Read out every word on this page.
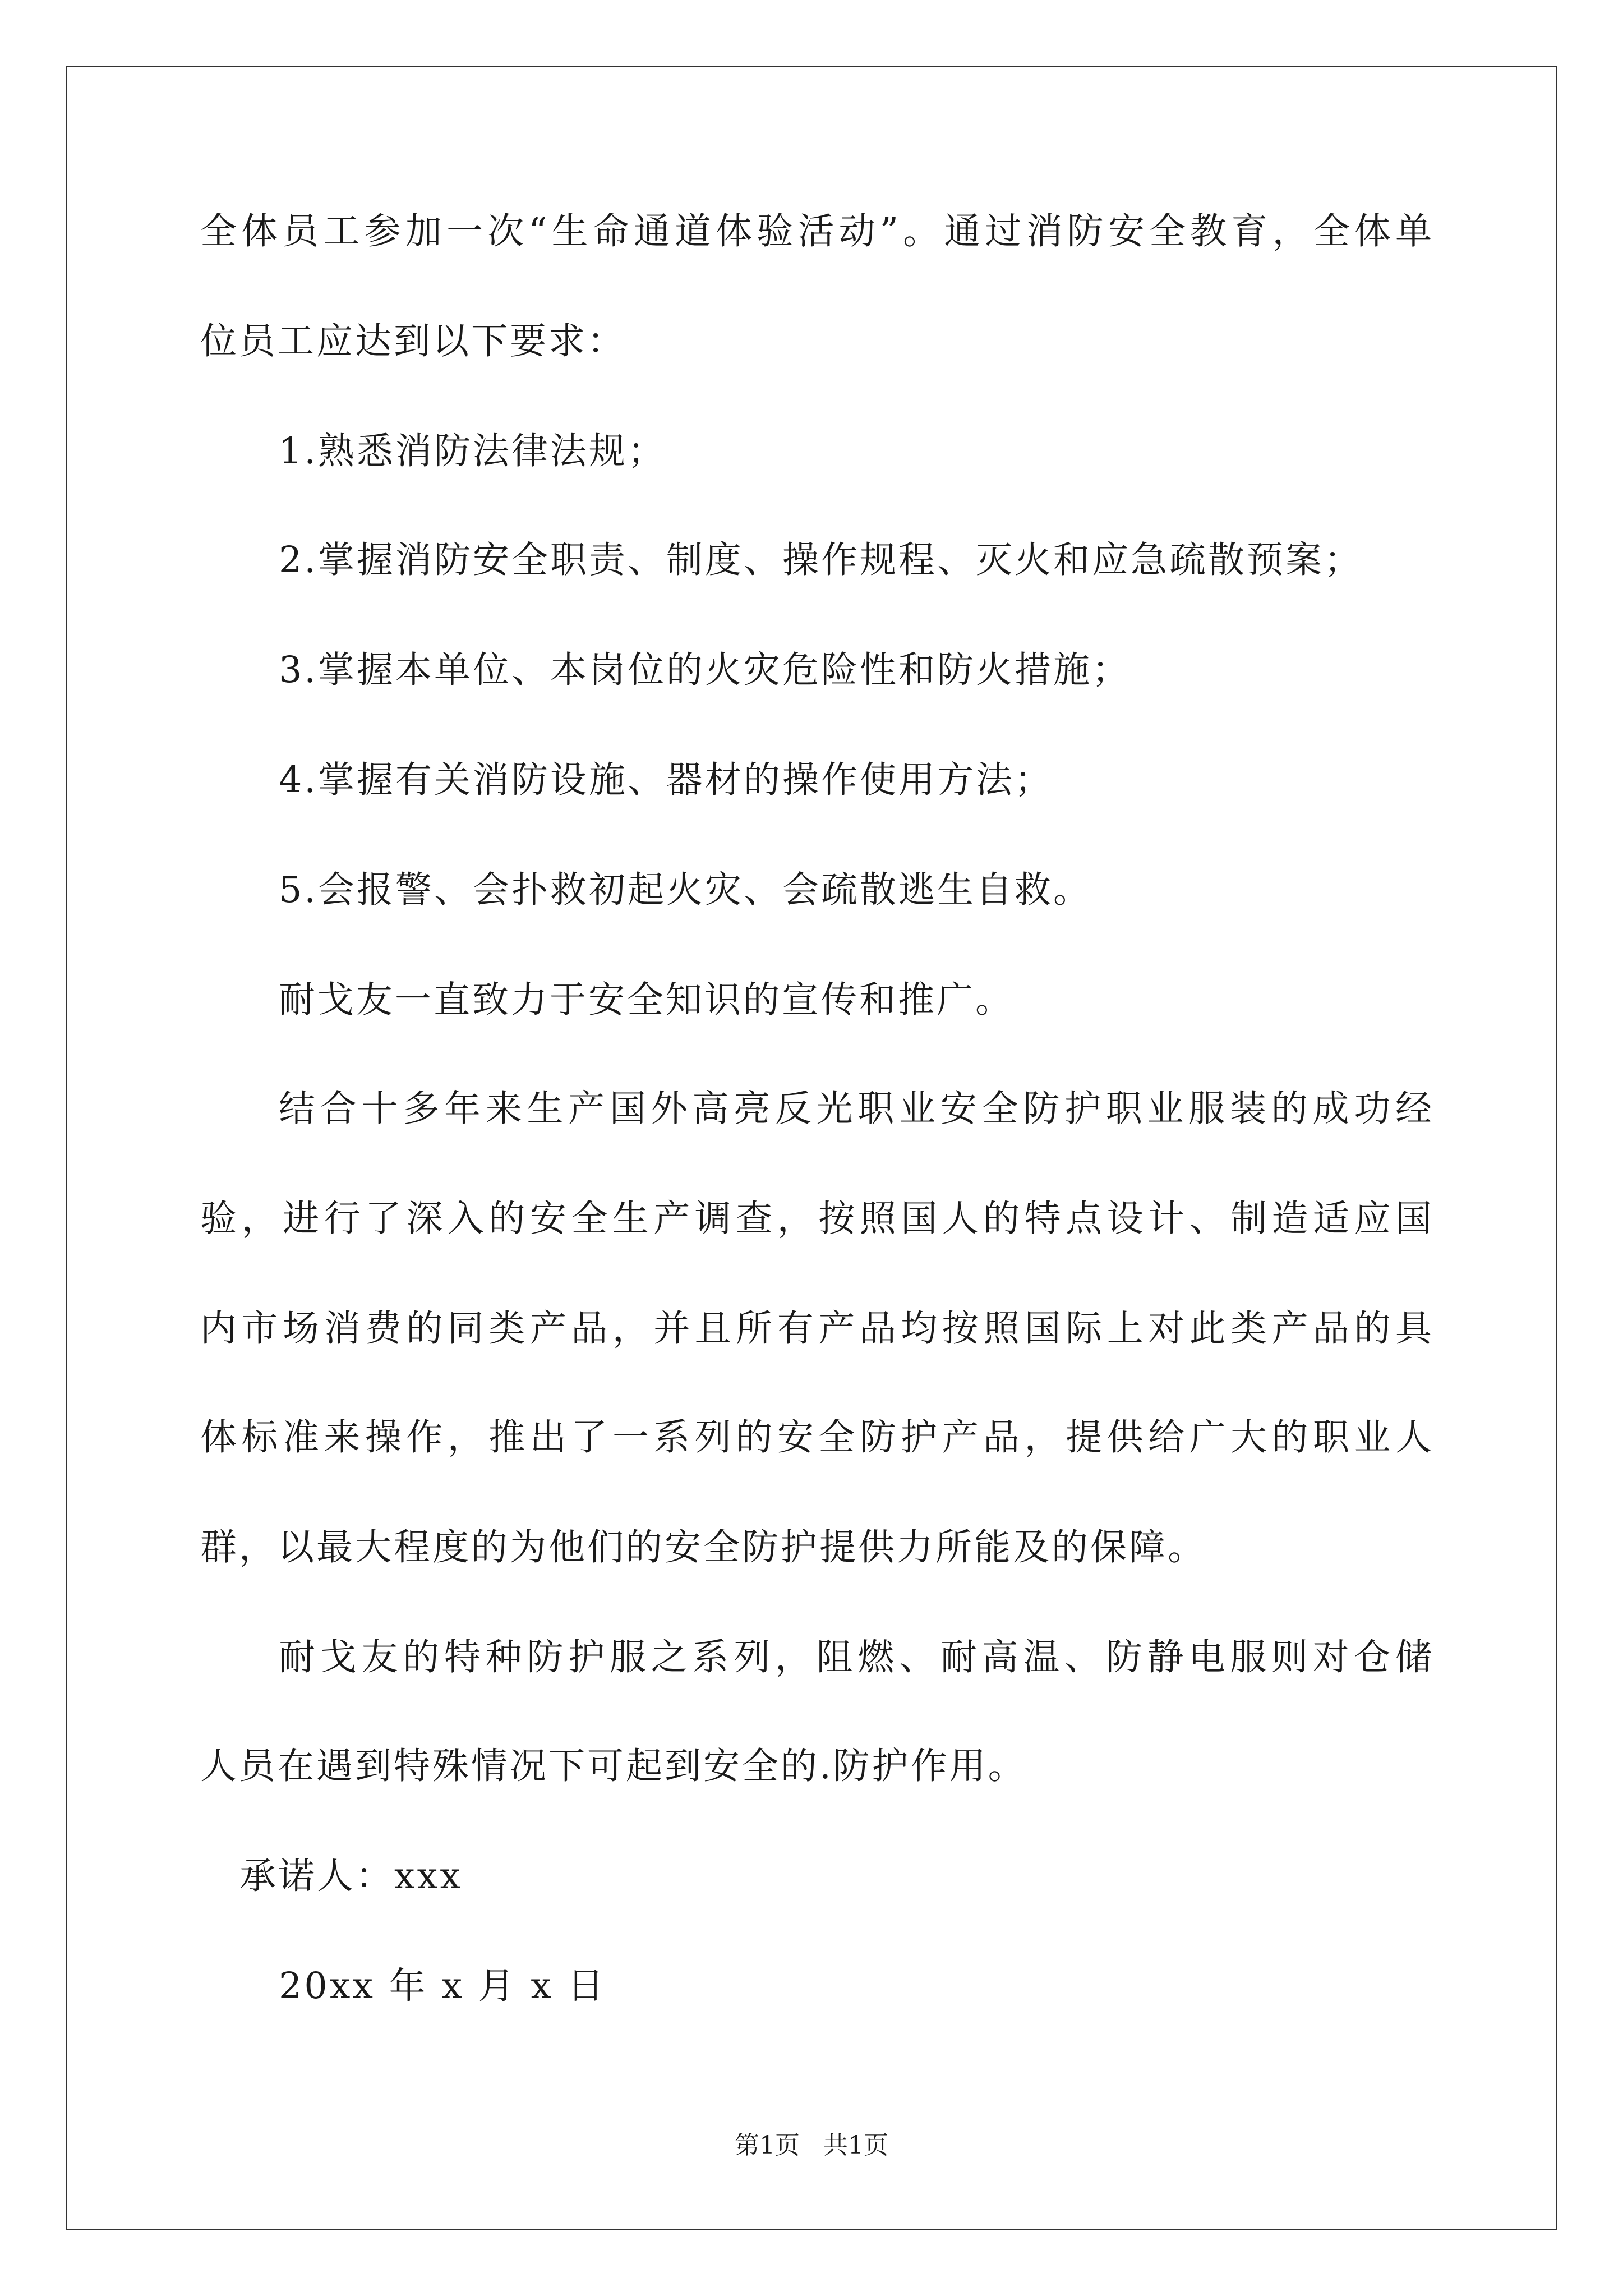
全体员工参加一次“生命通道体验活动”。通过消防安全教育，全体单
位员工应达到以下要求：
1.熟悉消防法律法规；
2.掌握消防安全职责、制度、操作规程、灭火和应急疏散预案；
3.掌握本单位、本岗位的火灾危险性和防火措施；
4.掌握有关消防设施、器材的操作使用方法；
5.会报警、会扑救初起火灾、会疏散逃生自救。
耐戈友一直致力于安全知识的宣传和推广。
结合十多年来生产国外高亮反光职业安全防护职业服装的成功经
验，进行了深入的安全生产调查，按照国人的特点设计、制造适应国
内市场消费的同类产品，并且所有产品均按照国际上对此类产品的具
体标准来操作，推出了一系列的安全防护产品，提供给广大的职业人
群，以最大程度的为他们的安全防护提供力所能及的保障。
耐戈友的特种防护服之系列，阻燃、耐高温、防静电服则对仓储
人员在遇到特殊情况下可起到安全的.防护作用。
承诺人：xxx
20xx 年 x 月 x 日
第1页   共1页
